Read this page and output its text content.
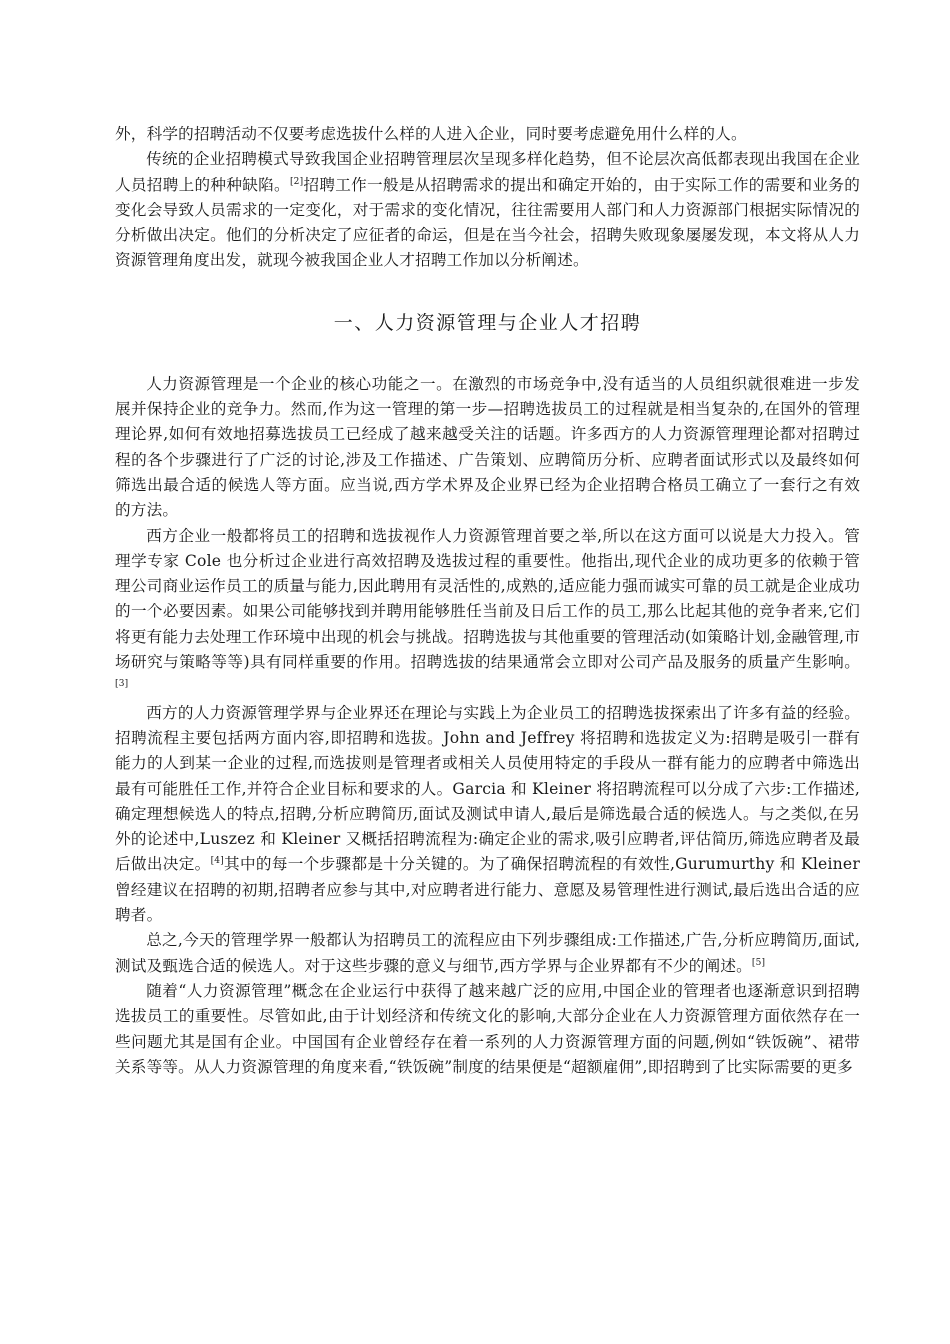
外，科学的招聘活动不仅要考虑选拔什么样的人进入企业，同时要考虑避免用什么样的人。

传统的企业招聘模式导致我国企业招聘管理层次呈现多样化趋势，但不论层次高低都表现出我国在企业人员招聘上的种种缺陷。[2]招聘工作一般是从招聘需求的提出和确定开始的，由于实际工作的需要和业务的变化会导致人员需求的一定变化，对于需求的变化情况，往往需要用人部门和人力资源部门根据实际情况的分析做出决定。他们的分析决定了应征者的命运，但是在当今社会，招聘失败现象屡屡发现，本文将从人力资源管理角度出发，就现今被我国企业人才招聘工作加以分析阐述。

一、人力资源管理与企业人才招聘

人力资源管理是一个企业的核心功能之一。在激烈的市场竞争中,没有适当的人员组织就很难进一步发展并保持企业的竞争力。然而,作为这一管理的第一步—招聘选拔员工的过程就是相当复杂的,在国外的管理理论界,如何有效地招募选拔员工已经成了越来越受关注的话题。许多西方的人力资源管理理论都对招聘过程的各个步骤进行了广泛的讨论,涉及工作描述、广告策划、应聘简历分析、应聘者面试形式以及最终如何筛选出最合适的候选人等方面。应当说,西方学术界及企业界已经为企业招聘合格员工确立了一套行之有效的方法。

西方企业一般都将员工的招聘和选拔视作人力资源管理首要之举,所以在这方面可以说是大力投入。管理学专家 Cole 也分析过企业进行高效招聘及选拔过程的重要性。他指出,现代企业的成功更多的依赖于管理公司商业运作员工的质量与能力,因此聘用有灵活性的,成熟的,适应能力强而诚实可靠的员工就是企业成功的一个必要因素。如果公司能够找到并聘用能够胜任当前及日后工作的员工,那么比起其他的竞争者来,它们将更有能力去处理工作环境中出现的机会与挑战。招聘选拔与其他重要的管理活动(如策略计划,金融管理,市场研究与策略等等)具有同样重要的作用。招聘选拔的结果通常会立即对公司产品及服务的质量产生影响。[3]

西方的人力资源管理学界与企业界还在理论与实践上为企业员工的招聘选拔探索出了许多有益的经验。招聘流程主要包括两方面内容,即招聘和选拔。John and Jeffrey 将招聘和选拔定义为:招聘是吸引一群有能力的人到某一企业的过程,而选拔则是管理者或相关人员使用特定的手段从一群有能力的应聘者中筛选出最有可能胜任工作,并符合企业目标和要求的人。Garcia 和 Kleiner 将招聘流程可以分成了六步:工作描述,确定理想候选人的特点,招聘,分析应聘简历,面试及测试申请人,最后是筛选最合适的候选人。与之类似,在另外的论述中,Luszez 和 Kleiner 又概括招聘流程为:确定企业的需求,吸引应聘者,评估简历,筛选应聘者及最后做出决定。[4]其中的每一个步骤都是十分关键的。为了确保招聘流程的有效性,Gurumurthy 和 Kleiner 曾经建议在招聘的初期,招聘者应参与其中,对应聘者进行能力、意愿及易管理性进行测试,最后选出合适的应聘者。

总之,今天的管理学界一般都认为招聘员工的流程应由下列步骤组成:工作描述,广告,分析应聘简历,面试,测试及甄选合适的候选人。对于这些步骤的意义与细节,西方学界与企业界都有不少的阐述。[5]

随着“人力资源管理”概念在企业运行中获得了越来越广泛的应用,中国企业的管理者也逐渐意识到招聘选拔员工的重要性。尽管如此,由于计划经济和传统文化的影响,大部分企业在人力资源管理方面依然存在一些问题尤其是国有企业。中国国有企业曾经存在着一系列的人力资源管理方面的问题,例如“铁饭碗”、裙带关系等等。从人力资源管理的角度来看,“铁饭碗”制度的结果便是“超额雇佣”,即招聘到了比实际需要的更多
